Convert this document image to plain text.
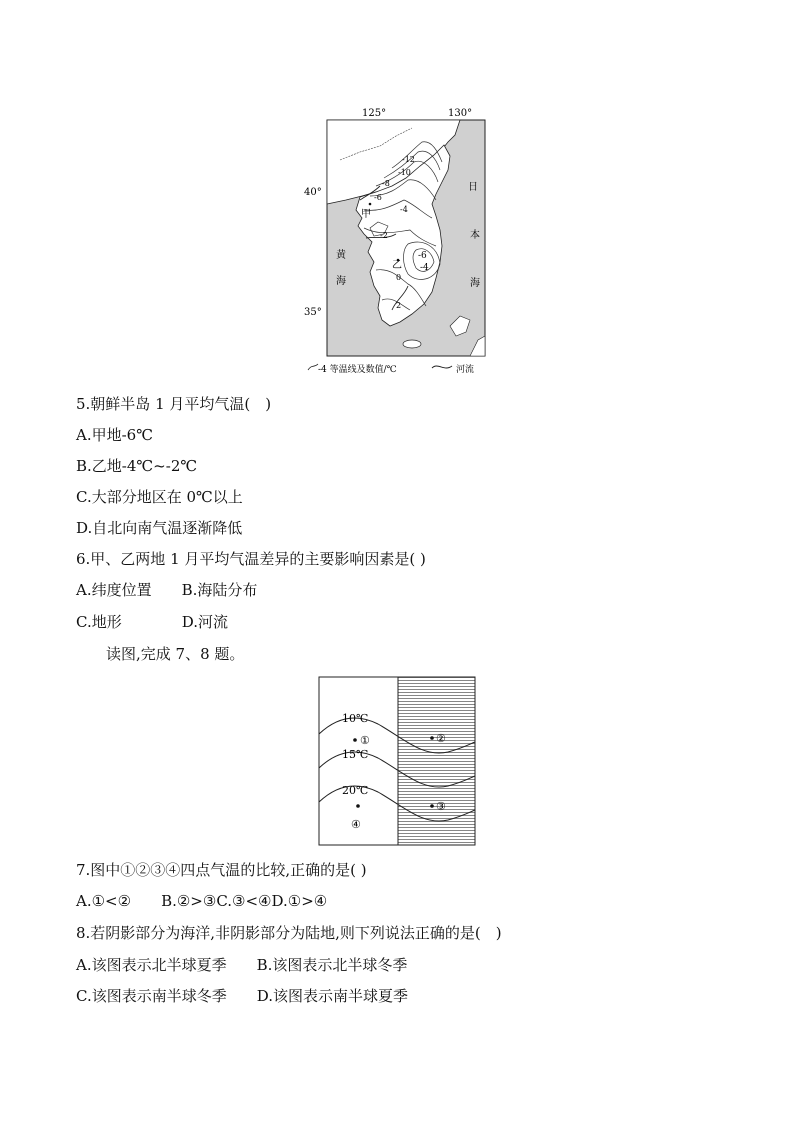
125°	130°
40°
35°
-12
-10
-8
-6
-4
-2
0
2
-6
-4
甲
乙
日
本
海
黄
海
-4 等温线及数值/℃	河流
5.朝鲜半岛 1 月平均气温(　)
A.甲地-6℃
B.乙地-4℃~-2℃
C.大部分地区在 0℃以上
D.自北向南气温逐渐降低
6.甲、乙两地 1 月平均气温差异的主要影响因素是( )
A.纬度位置　　B.海陆分布
C.地形　　　　D.河流
读图,完成 7、8 题。
10℃
15℃
20℃
①	②
③
④
7.图中①②③④四点气温的比较,正确的是( )
A.①<②　　B.②>③C.③<④D.①>④
8.若阴影部分为海洋,非阴影部分为陆地,则下列说法正确的是(　)
A.该图表示北半球夏季　　B.该图表示北半球冬季
C.该图表示南半球冬季　　D.该图表示南半球夏季
